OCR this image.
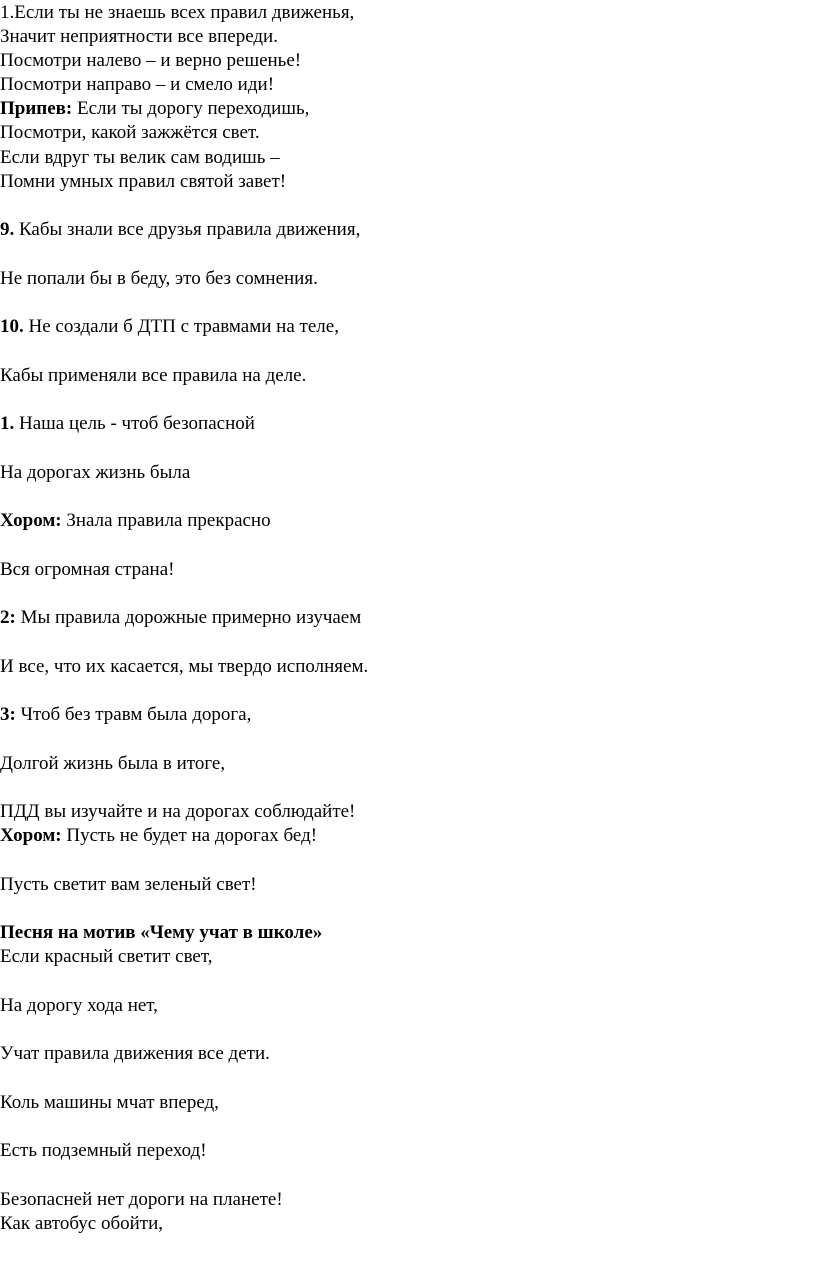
1.Если ты не знаешь всех правил движенья,
Значит неприятности все впереди.
Посмотри налево – и верно решенье!
Посмотри направо – и смело иди!
Припев: Если ты дорогу переходишь,
Посмотри, какой зажжётся свет.
Если вдруг ты велик сам водишь –
Помни умных правил святой завет!
9. Кабы знали все друзья правила движения,
Не попали бы в беду, это без сомнения.
10. Не создали б ДТП с травмами на теле,
Кабы применяли все правила на деле.
1. Наша цель - чтоб безопасной
На дорогах жизнь была
Хором: Знала правила прекрасно
Вся огромная страна!
2: Мы правила дорожные примерно изучаем
И все, что их касается, мы твердо исполняем.
3: Чтоб без травм была дорога,
Долгой жизнь была в итоге,
ПДД вы изучайте и на дорогах соблюдайте!
Хором: Пусть не будет на дорогах бед!
Пусть светит вам зеленый свет!
Песня на мотив «Чему учат в школе»
Если красный светит свет,
На дорогу хода нет,
Учат правила движения все дети.
Коль машины мчат вперед,
Есть подземный переход!
Безопасней нет дороги на планете!
Как автобус обойти,
